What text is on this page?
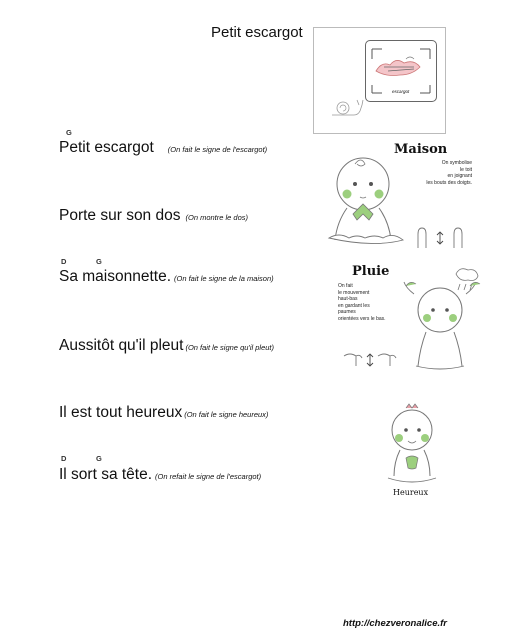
Petit escargot
G
Petit escargot (On fait le signe de l'escargot)
Porte sur son dos (On montre le dos)
D	G
Sa maisonnette. (On fait le signe de la maison)
Aussitôt qu'il pleut (On fait le signe qu'il pleut)
Il est tout heureux (On fait le signe heureux)
D	G
Il sort sa tête. (On refait le signe de l'escargot)
escargot
Maison
On symbolise
le toit
en joignant
les bouts des doigts.
Pluie
On fait
le mouvement
haut-bas
en gardant les
paumes
orientées vers le bas.
Heureux
http://chezveronalice.fr
